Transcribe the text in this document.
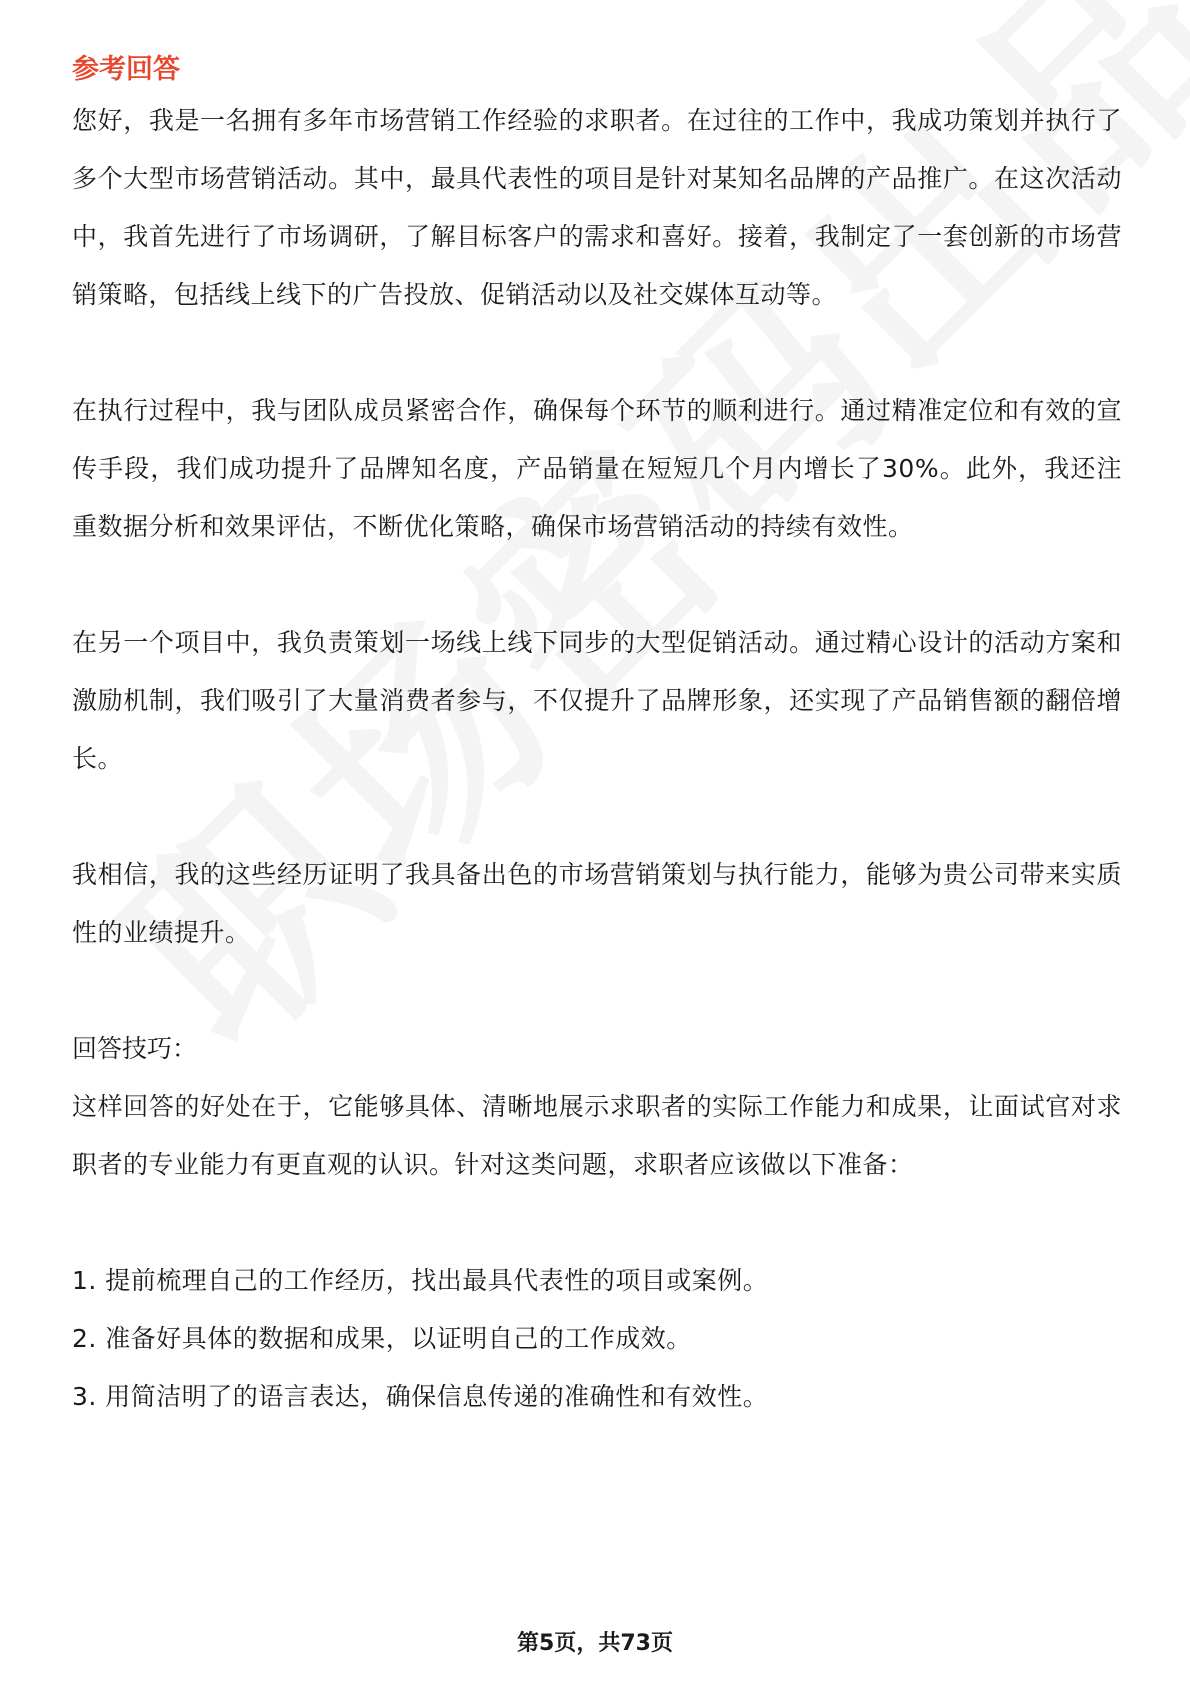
参考回答

您好，我是一名拥有多年市场营销工作经验的求职者。在过往的工作中，我成功策划并执行了多个大型市场营销活动。其中，最具代表性的项目是针对某知名品牌的产品推广。在这次活动中，我首先进行了市场调研，了解目标客户的需求和喜好。接着，我制定了一套创新的市场营销策略，包括线上线下的广告投放、促销活动以及社交媒体互动等。

在执行过程中，我与团队成员紧密合作，确保每个环节的顺利进行。通过精准定位和有效的宣传手段，我们成功提升了品牌知名度，产品销量在短短几个月内增长了30%。此外，我还注重数据分析和效果评估，不断优化策略，确保市场营销活动的持续有效性。

在另一个项目中，我负责策划一场线上线下同步的大型促销活动。通过精心设计的活动方案和激励机制，我们吸引了大量消费者参与，不仅提升了品牌形象，还实现了产品销售额的翻倍增长。

我相信，我的这些经历证明了我具备出色的市场营销策划与执行能力，能够为贵公司带来实质性的业绩提升。

回答技巧：

这样回答的好处在于，它能够具体、清晰地展示求职者的实际工作能力和成果，让面试官对求职者的专业能力有更直观的认识。针对这类问题，求职者应该做以下准备：

1. 提前梳理自己的工作经历，找出最具代表性的项目或案例。
2. 准备好具体的数据和成果，以证明自己的工作成效。
3. 用简洁明了的语言表达，确保信息传递的准确性和有效性。
第5页，共73页
